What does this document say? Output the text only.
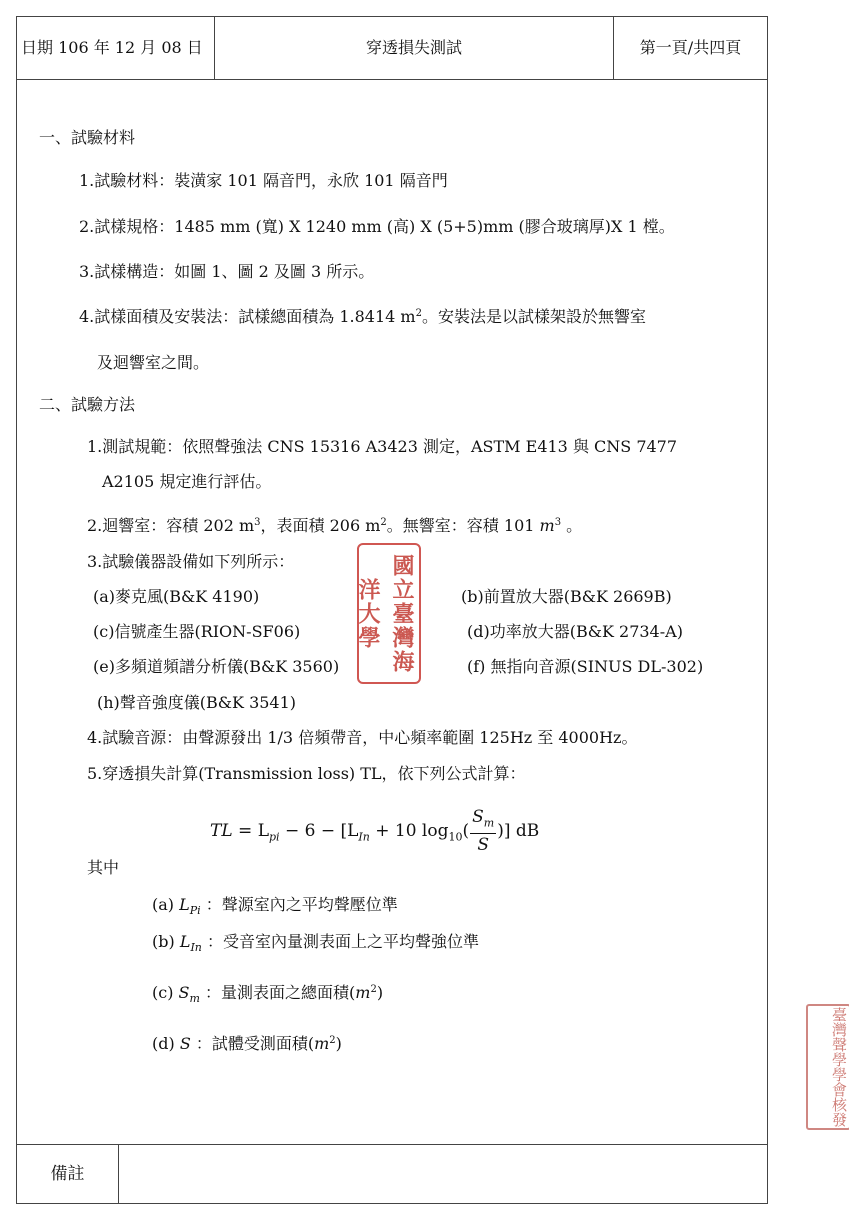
日期 106 年 12 月 08 日	穿透損失測試	第一頁/共四頁
一、試驗材料
1.試驗材料：裝潢家 101 隔音門，永欣 101 隔音門
2.試樣規格：1485 mm (寬) X 1240 mm (高) X (5+5)mm (膠合玻璃厚)X 1 樘。
3.試樣構造：如圖 1、圖 2 及圖 3 所示。
4.試樣面積及安裝法：試樣總面積為 1.8414 $m^2$。安裝法是以試樣架設於無響室
及迴響室之間。
二、試驗方法
1.測試規範：依照聲強法 CNS 15316 A3423 測定，ASTM E413 與 CNS 7477
A2105 規定進行評估。
2.迴響室：容積 202 $m^3$，表面積 206 $m^2$。無響室：容積 101 $m^3$ 。
3.試驗儀器設備如下列所示：
(a)麥克風(B&K 4190)	(b)前置放大器(B&K 2669B)
(c)信號產生器(RION-SF06)	(d)功率放大器(B&K 2734-A)
(e)多頻道頻譜分析儀(B&K 3560)	(f) 無指向音源(SINUS DL-302)
(h)聲音強度儀(B&K 3541)
4.試驗音源：由聲源發出 1/3 倍頻帶音，中心頻率範圍 125Hz 至 4000Hz。
5.穿透損失計算(Transmission loss) TL，依下列公式計算：
TL = $L_{pi} - 6 - [L_{In} + 10$ $\log_{10}( \frac{S_m}{S}$ )] dB
其中
(a) $L_{Pi}$ ：聲源室內之平均聲壓位準
(b) $L_{In}$ ：受音室內量測表面上之平均聲強位準
(c) $S_m$ ：量測表面之總面積$(m^2)$
(d) S ：試體受測面積$(m^2)$
備註
國立臺灣海洋大學
臺灣聲學學會核發
